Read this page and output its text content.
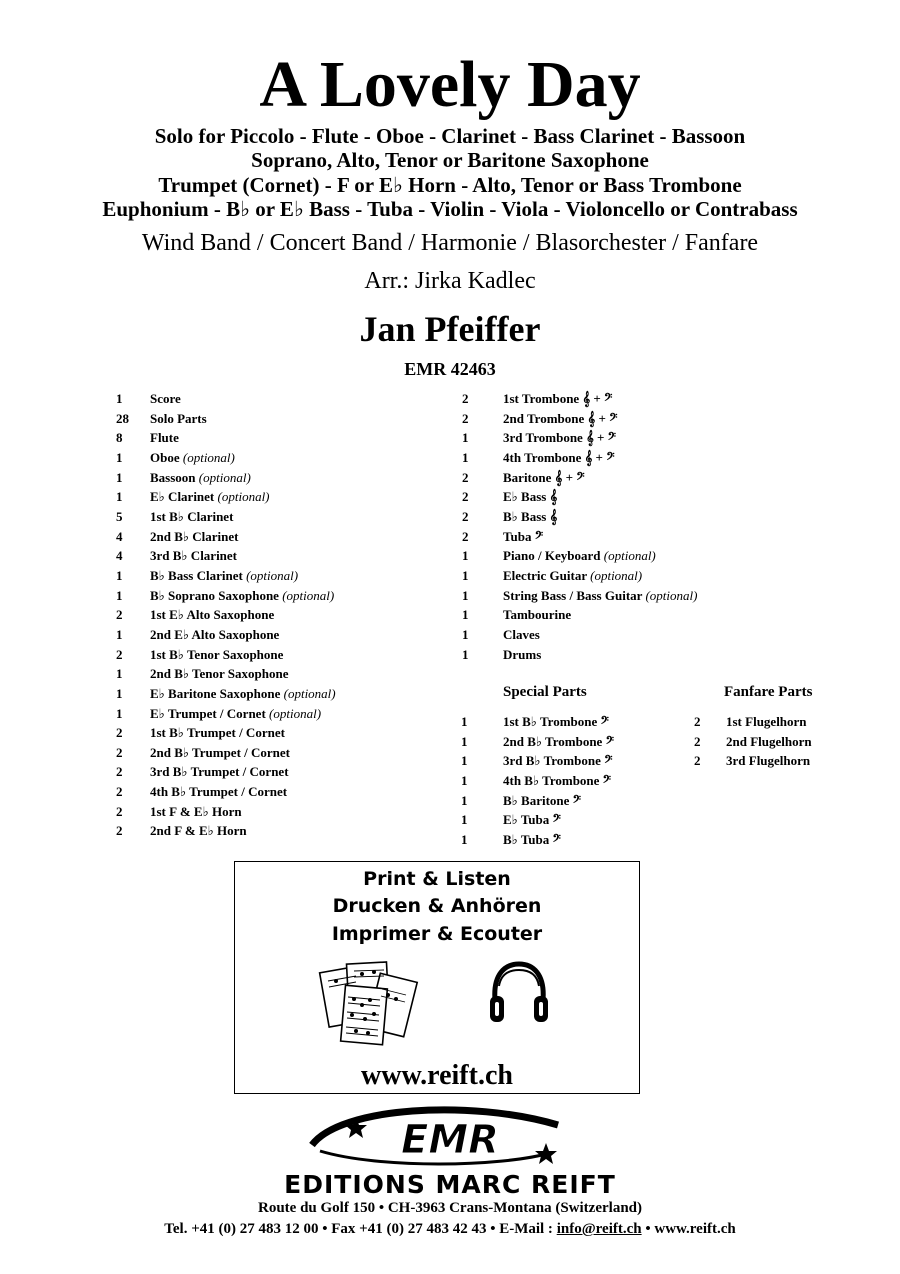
A Lovely Day
Solo for Piccolo - Flute - Oboe - Clarinet - Bass Clarinet - Bassoon
Soprano, Alto, Tenor or Baritone Saxophone
Trumpet (Cornet) - F or E♭ Horn - Alto, Tenor or Bass Trombone
Euphonium - B♭ or E♭ Bass - Tuba - Violin - Viola - Violoncello or Contrabass
Wind Band / Concert Band / Harmonie / Blasorchester / Fanfare
Arr.: Jirka Kadlec
Jan Pfeiffer
EMR 42463
1 Score
28 Solo Parts
8 Flute
1 Oboe (optional)
1 Bassoon (optional)
1 E♭ Clarinet (optional)
5 1st B♭ Clarinet
4 2nd B♭ Clarinet
4 3rd B♭ Clarinet
1 B♭ Bass Clarinet (optional)
1 B♭ Soprano Saxophone (optional)
2 1st E♭ Alto Saxophone
1 2nd E♭ Alto Saxophone
2 1st B♭ Tenor Saxophone
1 2nd B♭ Tenor Saxophone
1 E♭ Baritone Saxophone (optional)
1 E♭ Trumpet / Cornet (optional)
2 1st B♭ Trumpet / Cornet
2 2nd B♭ Trumpet / Cornet
2 3rd B♭ Trumpet / Cornet
2 4th B♭ Trumpet / Cornet
2 1st F & E♭ Horn
2 2nd F & E♭ Horn
2	1st Trombone 𝄞 + 𝄢
2	2nd Trombone 𝄞 + 𝄢
1	3rd Trombone 𝄞 + 𝄢
1	4th Trombone 𝄞 + 𝄢
2	Baritone 𝄞 + 𝄢
2	E♭ Bass 𝄞
2	B♭ Bass 𝄞
2	Tuba 𝄢
1	Piano / Keyboard (optional)
1	Electric Guitar (optional)
1	String Bass / Bass Guitar (optional)
1	Tambourine
1	Claves
1	Drums
Special Parts	Fanfare Parts
1	1st B♭ Trombone 𝄢
1	2nd B♭ Trombone 𝄢
1	3rd B♭ Trombone 𝄢
1	4th B♭ Trombone 𝄢
1	B♭ Baritone 𝄢
1	E♭ Tuba 𝄢
1	B♭ Tuba 𝄢
2 1st Flugelhorn
2 2nd Flugelhorn
2 3rd Flugelhorn
Print & Listen
Drucken & Anhören
Imprimer & Ecouter
www.reift.ch
EMR
EDITIONS MARC REIFT
Route du Golf 150 • CH-3963 Crans-Montana (Switzerland)
Tel. +41 (0) 27 483 12 00 • Fax +41 (0) 27 483 42 43 • E-Mail : info@reift.ch • www.reift.ch
